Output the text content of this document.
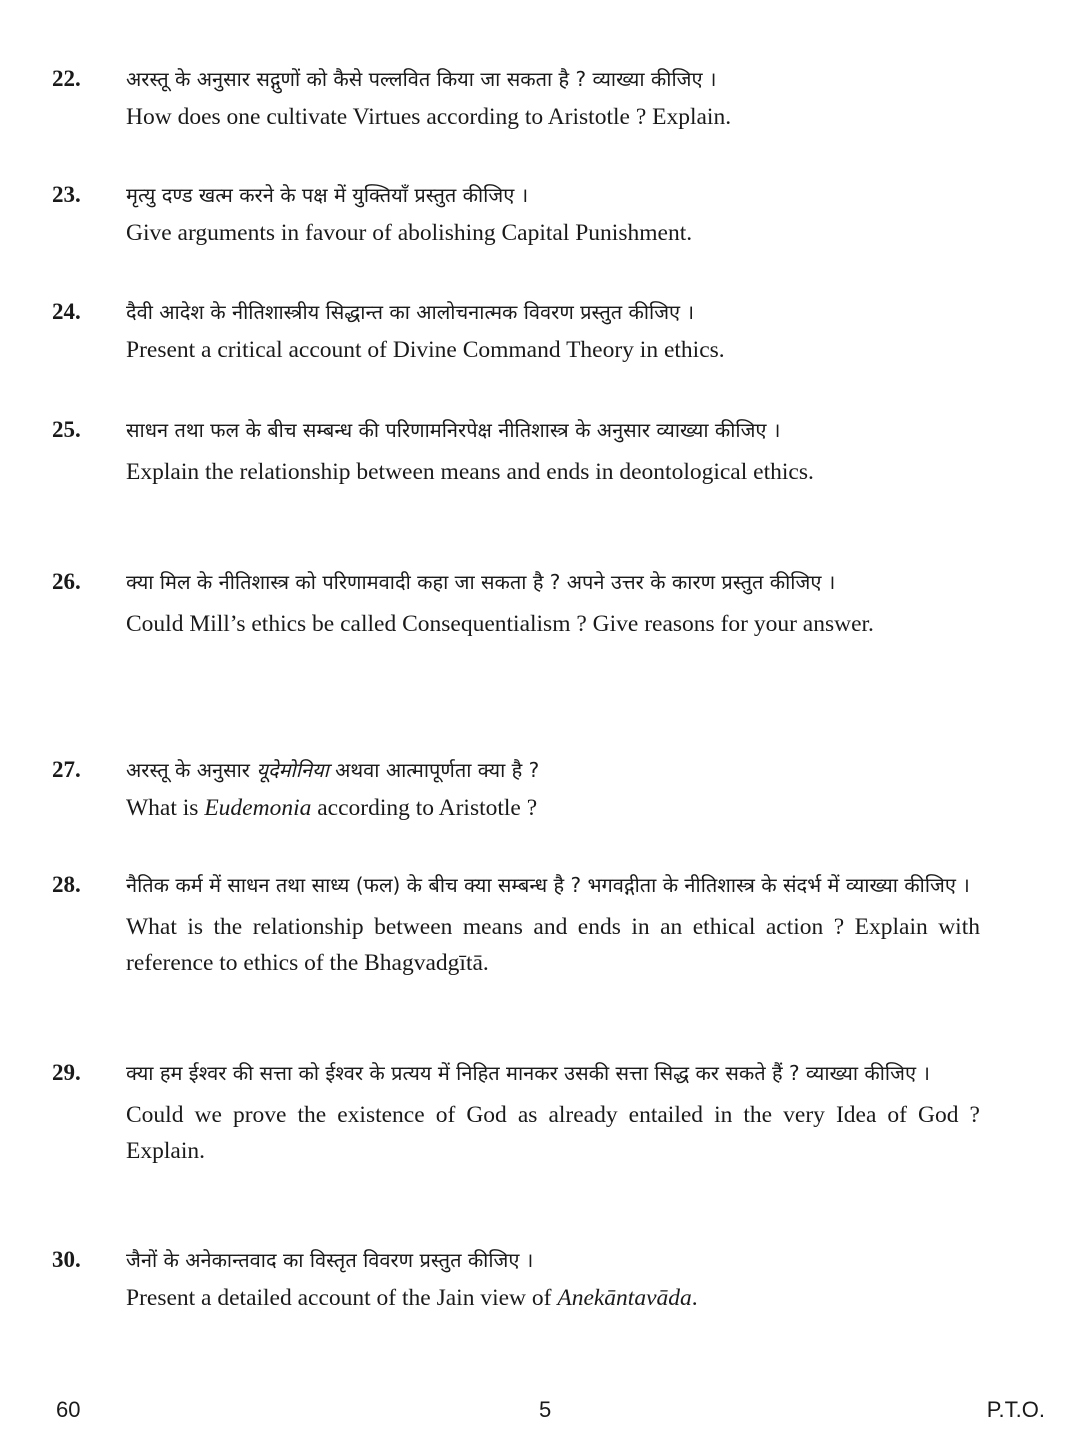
22. अरस्तू के अनुसार सद्गुणों को कैसे पल्लवित किया जा सकता है ? व्याख्या कीजिए ।

How does one cultivate Virtues according to Aristotle ? Explain.

23. मृत्यु दण्ड खत्म करने के पक्ष में युक्तियाँ प्रस्तुत कीजिए ।

Give arguments in favour of abolishing Capital Punishment.

24. दैवी आदेश के नीतिशास्त्रीय सिद्धान्त का आलोचनात्मक विवरण प्रस्तुत कीजिए ।

Present a critical account of Divine Command Theory in ethics.

25. साधन तथा फल के बीच सम्बन्ध की परिणामनिरपेक्ष नीतिशास्त्र के अनुसार व्याख्या कीजिए ।

Explain the relationship between means and ends in deontological ethics.

26. क्या मिल के नीतिशास्त्र को परिणामवादी कहा जा सकता है ? अपने उत्तर के कारण प्रस्तुत कीजिए ।

Could Mill’s ethics be called Consequentialism ? Give reasons for your answer.

27. अरस्तू के अनुसार यूदेमोनिया अथवा आत्मापूर्णता क्या है ?

What is Eudemonia according to Aristotle ?

28. नैतिक कर्म में साधन तथा साध्य (फल) के बीच क्या सम्बन्ध है ? भगवद्गीता के नीतिशास्त्र के संदर्भ में व्याख्या कीजिए ।

What is the relationship between means and ends in an ethical action ? Explain with reference to ethics of the Bhagvadgītā.

29. क्या हम ईश्वर की सत्ता को ईश्वर के प्रत्यय में निहित मानकर उसकी सत्ता सिद्ध कर सकते हैं ? व्याख्या कीजिए ।

Could we prove the existence of God as already entailed in the very Idea of God ? Explain.

30. जैनों के अनेकान्तवाद का विस्तृत विवरण प्रस्तुत कीजिए ।

Present a detailed account of the Jain view of Anekāntavāda.

60	5	P.T.O.
